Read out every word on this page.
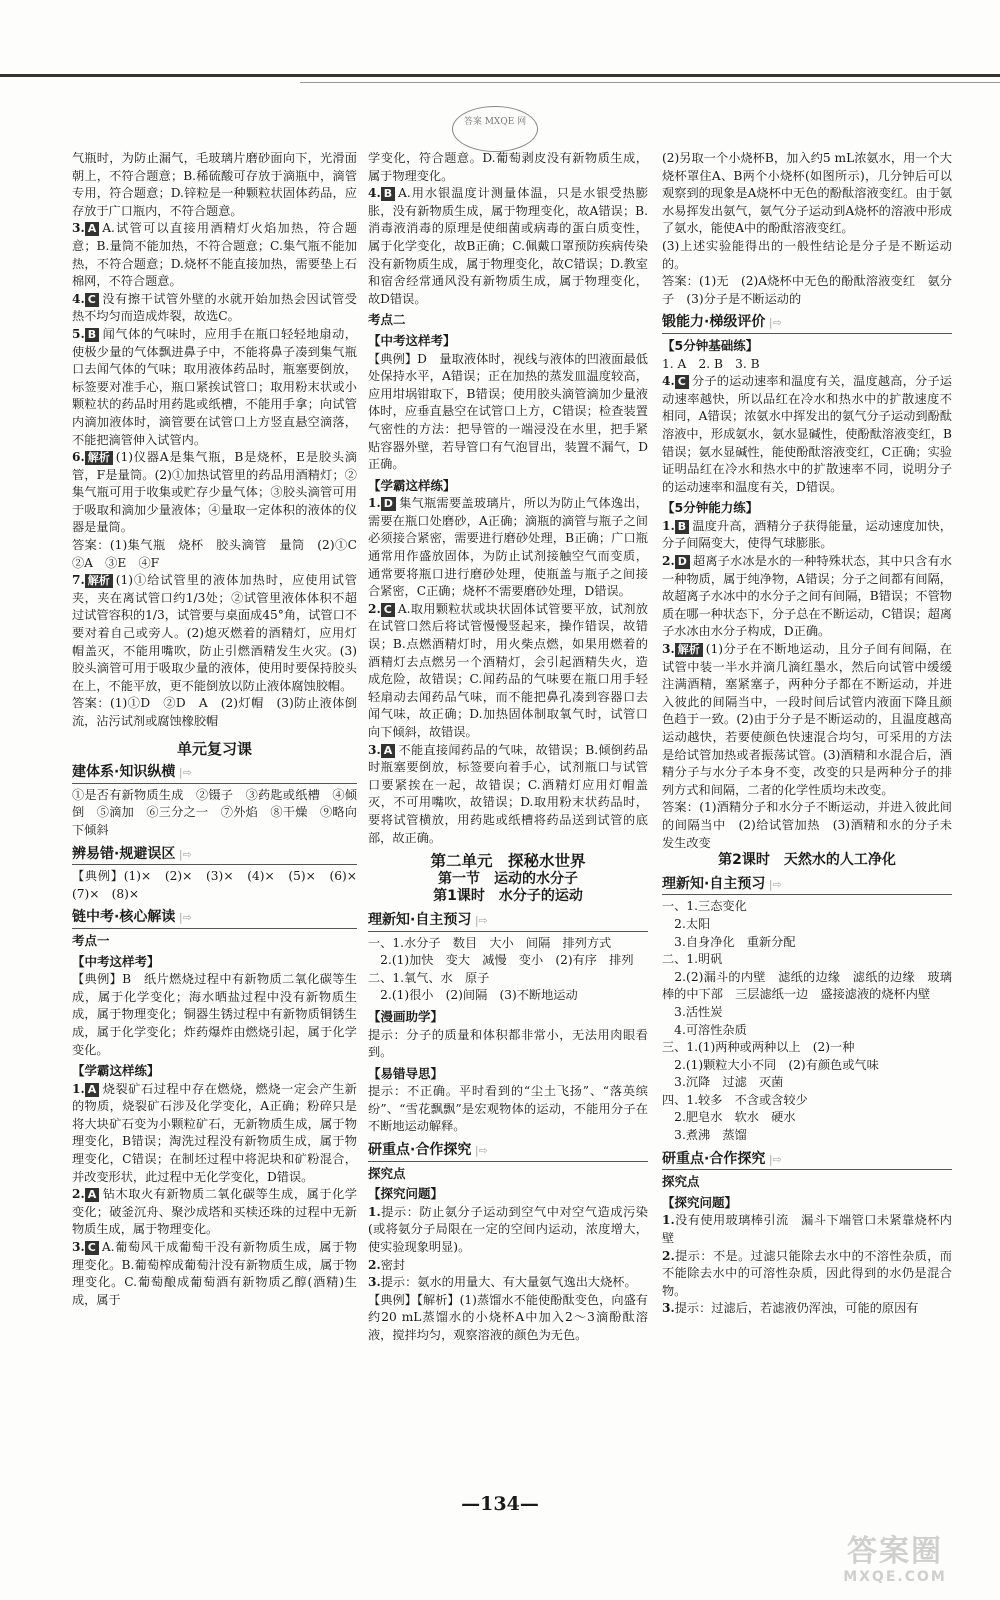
答案 MXQE 网

气瓶时，为防止漏气，毛玻璃片磨砂面向下，光滑面朝上，不符合题意；B.稀硫酸可存放于滴瓶中，滴管专用，符合题意；D.锌粒是一种颗粒状固体药品，应存放于广口瓶内，不符合题意。

3. A A.试管可以直接用酒精灯火焰加热，符合题意；B.量筒不能加热，不符合题意；C.集气瓶不能加热，不符合题意；D.烧杯不能直接加热，需要垫上石棉网，不符合题意。

4. C 没有擦干试管外壁的水就开始加热会因试管受热不均匀而造成炸裂，故选C。

5. B 闻气体的气味时，应用手在瓶口轻轻地扇动，使极少量的气体飘进鼻子中，不能将鼻子凑到集气瓶口去闻气体的气味；取用液体药品时，瓶塞要倒放，标签要对准手心，瓶口紧挨试管口；取用粉末状或小颗粒状的药品时用药匙或纸槽，不能用手拿；向试管内滴加液体时，滴管要在试管口上方竖直悬空滴落，不能把滴管伸入试管内。

6. 解析 (1)仪器A是集气瓶，B是烧杯，E是胶头滴管，F是量筒。(2)①加热试管里的药品用酒精灯；②集气瓶可用于收集或贮存少量气体；③胶头滴管可用于吸取和滴加少量液体；④量取一定体积的液体的仪器是量筒。

答案：(1)集气瓶　烧杯　胶头滴管　量筒　(2)①C　②A　③E　④F

7. 解析 (1)①给试管里的液体加热时，应使用试管夹，夹在离试管口约1/3处；②试管里液体体积不超过试管容积的1/3，试管要与桌面成45°角，试管口不要对着自己或旁人。(2)熄灭燃着的酒精灯，应用灯帽盖灭，不能用嘴吹，防止引燃酒精发生火灾。(3)胶头滴管可用于吸取少量的液体，使用时要保持胶头在上，不能平放，更不能倒放以防止液体腐蚀胶帽。

答案：(1)①D　②D　A　(2)灯帽　(3)防止液体倒流，沾污试剂或腐蚀橡胶帽

单元复习课
建体系·知识纵横 |⇨

①是否有新物质生成　②镊子　③药匙或纸槽　④倾倒　⑤滴加　⑥三分之一　⑦外焰　⑧干燥　⑨略向下倾斜

辨易错·规避误区 |⇨

【典例】(1)×　(2)×　(3)×　(4)×　(5)×　(6)×　(7)×　(8)×

链中考·核心解读 |⇨
考点一
【中考这样考】

【典例】B　纸片燃烧过程中有新物质二氧化碳等生成，属于化学变化；海水晒盐过程中没有新物质生成，属于物理变化；铜器生锈过程中有新物质铜锈生成，属于化学变化；炸药爆炸由燃烧引起，属于化学变化。

【学霸这样练】

1. A 烧裂矿石过程中存在燃烧，燃烧一定会产生新的物质，烧裂矿石涉及化学变化，A正确；粉碎只是将大块矿石变为小颗粒矿石，无新物质生成，属于物理变化，B错误；淘洗过程没有新物质生成，属于物理变化，C错误；在制坯过程中将泥块和矿粉混合，并改变形状，此过程中无化学变化，D错误。

2. A 钻木取火有新物质二氧化碳等生成，属于化学变化；破釜沉舟、聚沙成塔和买椟还珠的过程中无新物质生成，属于物理变化。

3. C A.葡萄风干成葡萄干没有新物质生成，属于物理变化。B.葡萄榨成葡萄汁没有新物质生成，属于物理变化。C.葡萄酿成葡萄酒有新物质乙醇(酒精)生成，属于

学变化，符合题意。D.葡萄剥皮没有新物质生成，属于物理变化。

4. B A.用水银温度计测量体温，只是水银受热膨胀，没有新物质生成，属于物理变化，故A错误；B.消毒液消毒的原理是使细菌或病毒的蛋白质变性，属于化学变化，故B正确；C.佩戴口罩预防疾病传染没有新物质生成，属于物理变化，故C错误；D.教室和宿舍经常通风没有新物质生成，属于物理变化，故D错误。

考点二
【中考这样考】

【典例】D　量取液体时，视线与液体的凹液面最低处保持水平，A错误；正在加热的蒸发皿温度较高，应用坩埚钳取下，B错误；使用胶头滴管滴加少量液体时，应垂直悬空在试管口上方，C错误；检查装置气密性的方法：把导管的一端浸没在水里，把手紧贴容器外壁，若导管口有气泡冒出，装置不漏气，D正确。

【学霸这样练】

1. D 集气瓶需要盖玻璃片，所以为防止气体逸出，需要在瓶口处磨砂，A正确；滴瓶的滴管与瓶子之间必须接合紧密，需要进行磨砂处理，B正确；广口瓶通常用作盛放固体，为防止试剂接触空气而变质，通常要将瓶口进行磨砂处理，使瓶盖与瓶子之间接合紧密，C正确；烧杯不需要磨砂处理，D错误。

2. C A.取用颗粒状或块状固体试管要平放，试剂放在试管口然后将试管慢慢竖起来，操作错误，故错误；B.点燃酒精灯时，用火柴点燃，如果用燃着的酒精灯去点燃另一个酒精灯，会引起酒精失火，造成危险，故错误；C.闻药品的气味要在瓶口用手轻轻扇动去闻药品气味，而不能把鼻孔凑到容器口去闻气味，故正确；D.加热固体制取氧气时，试管口向下倾斜，故错误。

3. A 不能直接闻药品的气味，故错误；B.倾倒药品时瓶塞要倒放，标签要向着手心，试剂瓶口与试管口要紧挨在一起，故错误；C.酒精灯应用灯帽盖灭，不可用嘴吹，故错误；D.取用粉末状药品时，要将试管横放，用药匙或纸槽将药品送到试管的底部，故正确。

第二单元　探秘水世界
第一节　运动的水分子
第1课时　水分子的运动
理新知·自主预习 |⇨

一、1.水分子　数目　大小　间隔　排列方式

　2.(1)加快　变大　减慢　变小　(2)有序　排列

二、1.氧气、水　原子

　2.(1)很小　(2)间隔　(3)不断地运动

【漫画助学】

提示：分子的质量和体积都非常小，无法用肉眼看到。

【易错导思】

提示：不正确。平时看到的“尘土飞扬”、“落英缤纷”、“雪花飘飘”是宏观物体的运动，不能用分子在不断地运动解释。

研重点·合作探究 |⇨
探究点
【探究问题】

1.提示：防止氨分子运动到空气中对空气造成污染(或将氨分子局限在一定的空间内运动，浓度增大，使实验现象明显)。

2.密封

3.提示：氨水的用量大、有大量氨气逸出大烧杯。

【典例】【解析】(1)蒸馏水不能使酚酞变色，向盛有约20 mL蒸馏水的小烧杯A中加入2～3滴酚酞溶液，搅拌均匀，观察溶液的颜色为无色。

(2)另取一个小烧杯B，加入约5 mL浓氨水，用一个大烧杯罩住A、B两个小烧杯(如图所示)，几分钟后可以观察到的现象是A烧杯中无色的酚酞溶液变红。由于氨水易挥发出氨气，氨气分子运动到A烧杯的溶液中形成了氨水，能使A中的酚酞溶液变红。

(3)上述实验能得出的一般性结论是分子是不断运动的。

答案：(1)无　(2)A烧杯中无色的酚酞溶液变红　氨分子　(3)分子是不断运动的

锻能力·梯级评价 |⇨
【5分钟基础练】

1. A　2. B　3. B

4. C 分子的运动速率和温度有关，温度越高，分子运动速率越快，所以品红在冷水和热水中的扩散速度不相同，A错误；浓氨水中挥发出的氨气分子运动到酚酞溶液中，形成氨水，氨水显碱性，使酚酞溶液变红，B错误；氨水显碱性，能使酚酞溶液变红，C正确；实验证明品红在冷水和热水中的扩散速率不同，说明分子的运动速率和温度有关，D错误。

【5分钟能力练】

1. B 温度升高，酒精分子获得能量，运动速度加快，分子间隔变大，使得气球膨胀。

2. D 超离子水冰是水的一种特殊状态，其中只含有水一种物质，属于纯净物，A错误；分子之间都有间隔，故超离子水冰中的水分子之间有间隔，B错误；不管物质在哪一种状态下，分子总在不断运动，C错误；超离子水冰由水分子构成，D正确。

3. 解析 (1)分子在不断地运动，且分子间有间隔，在试管中装一半水并滴几滴红墨水，然后向试管中缓缓注满酒精，塞紧塞子，两种分子都在不断运动，并进入彼此的间隔当中，一段时间后试管内液面下降且颜色趋于一致。(2)由于分子是不断运动的，且温度越高运动越快，若要使颜色快速混合均匀，可采用的方法是给试管加热或者振荡试管。(3)酒精和水混合后，酒精分子与水分子本身不变，改变的只是两种分子的排列方式和间隔，二者的化学性质均未改变。

答案：(1)酒精分子和水分子不断运动，并进入彼此间的间隔当中　(2)给试管加热　(3)酒精和水的分子未发生改变

第2课时　天然水的人工净化
理新知·自主预习 |⇨

一、1.三态变化

　2.太阳

　3.自身净化　重新分配

二、1.明矾

　2.(2)漏斗的内壁　滤纸的边缘　滤纸的边缘　玻璃棒的中下部　三层滤纸一边　盛接滤液的烧杯内壁

　3.活性炭

　4.可溶性杂质

三、1.(1)两种或两种以上　(2)一种

　2.(1)颗粒大小不同　(2)有颜色或气味

　3.沉降　过滤　灭菌

四、1.较多　不含或含较少

　2.肥皂水　软水　硬水

　3.煮沸　蒸馏

研重点·合作探究 |⇨
探究点
【探究问题】

1.没有使用玻璃棒引流　漏斗下端管口未紧靠烧杯内壁

2.提示：不是。过滤只能除去水中的不溶性杂质，而不能除去水中的可溶性杂质，因此得到的水仍是混合物。

3.提示：过滤后，若滤液仍浑浊，可能的原因有

—134—
答案圈
MXQE.COM
